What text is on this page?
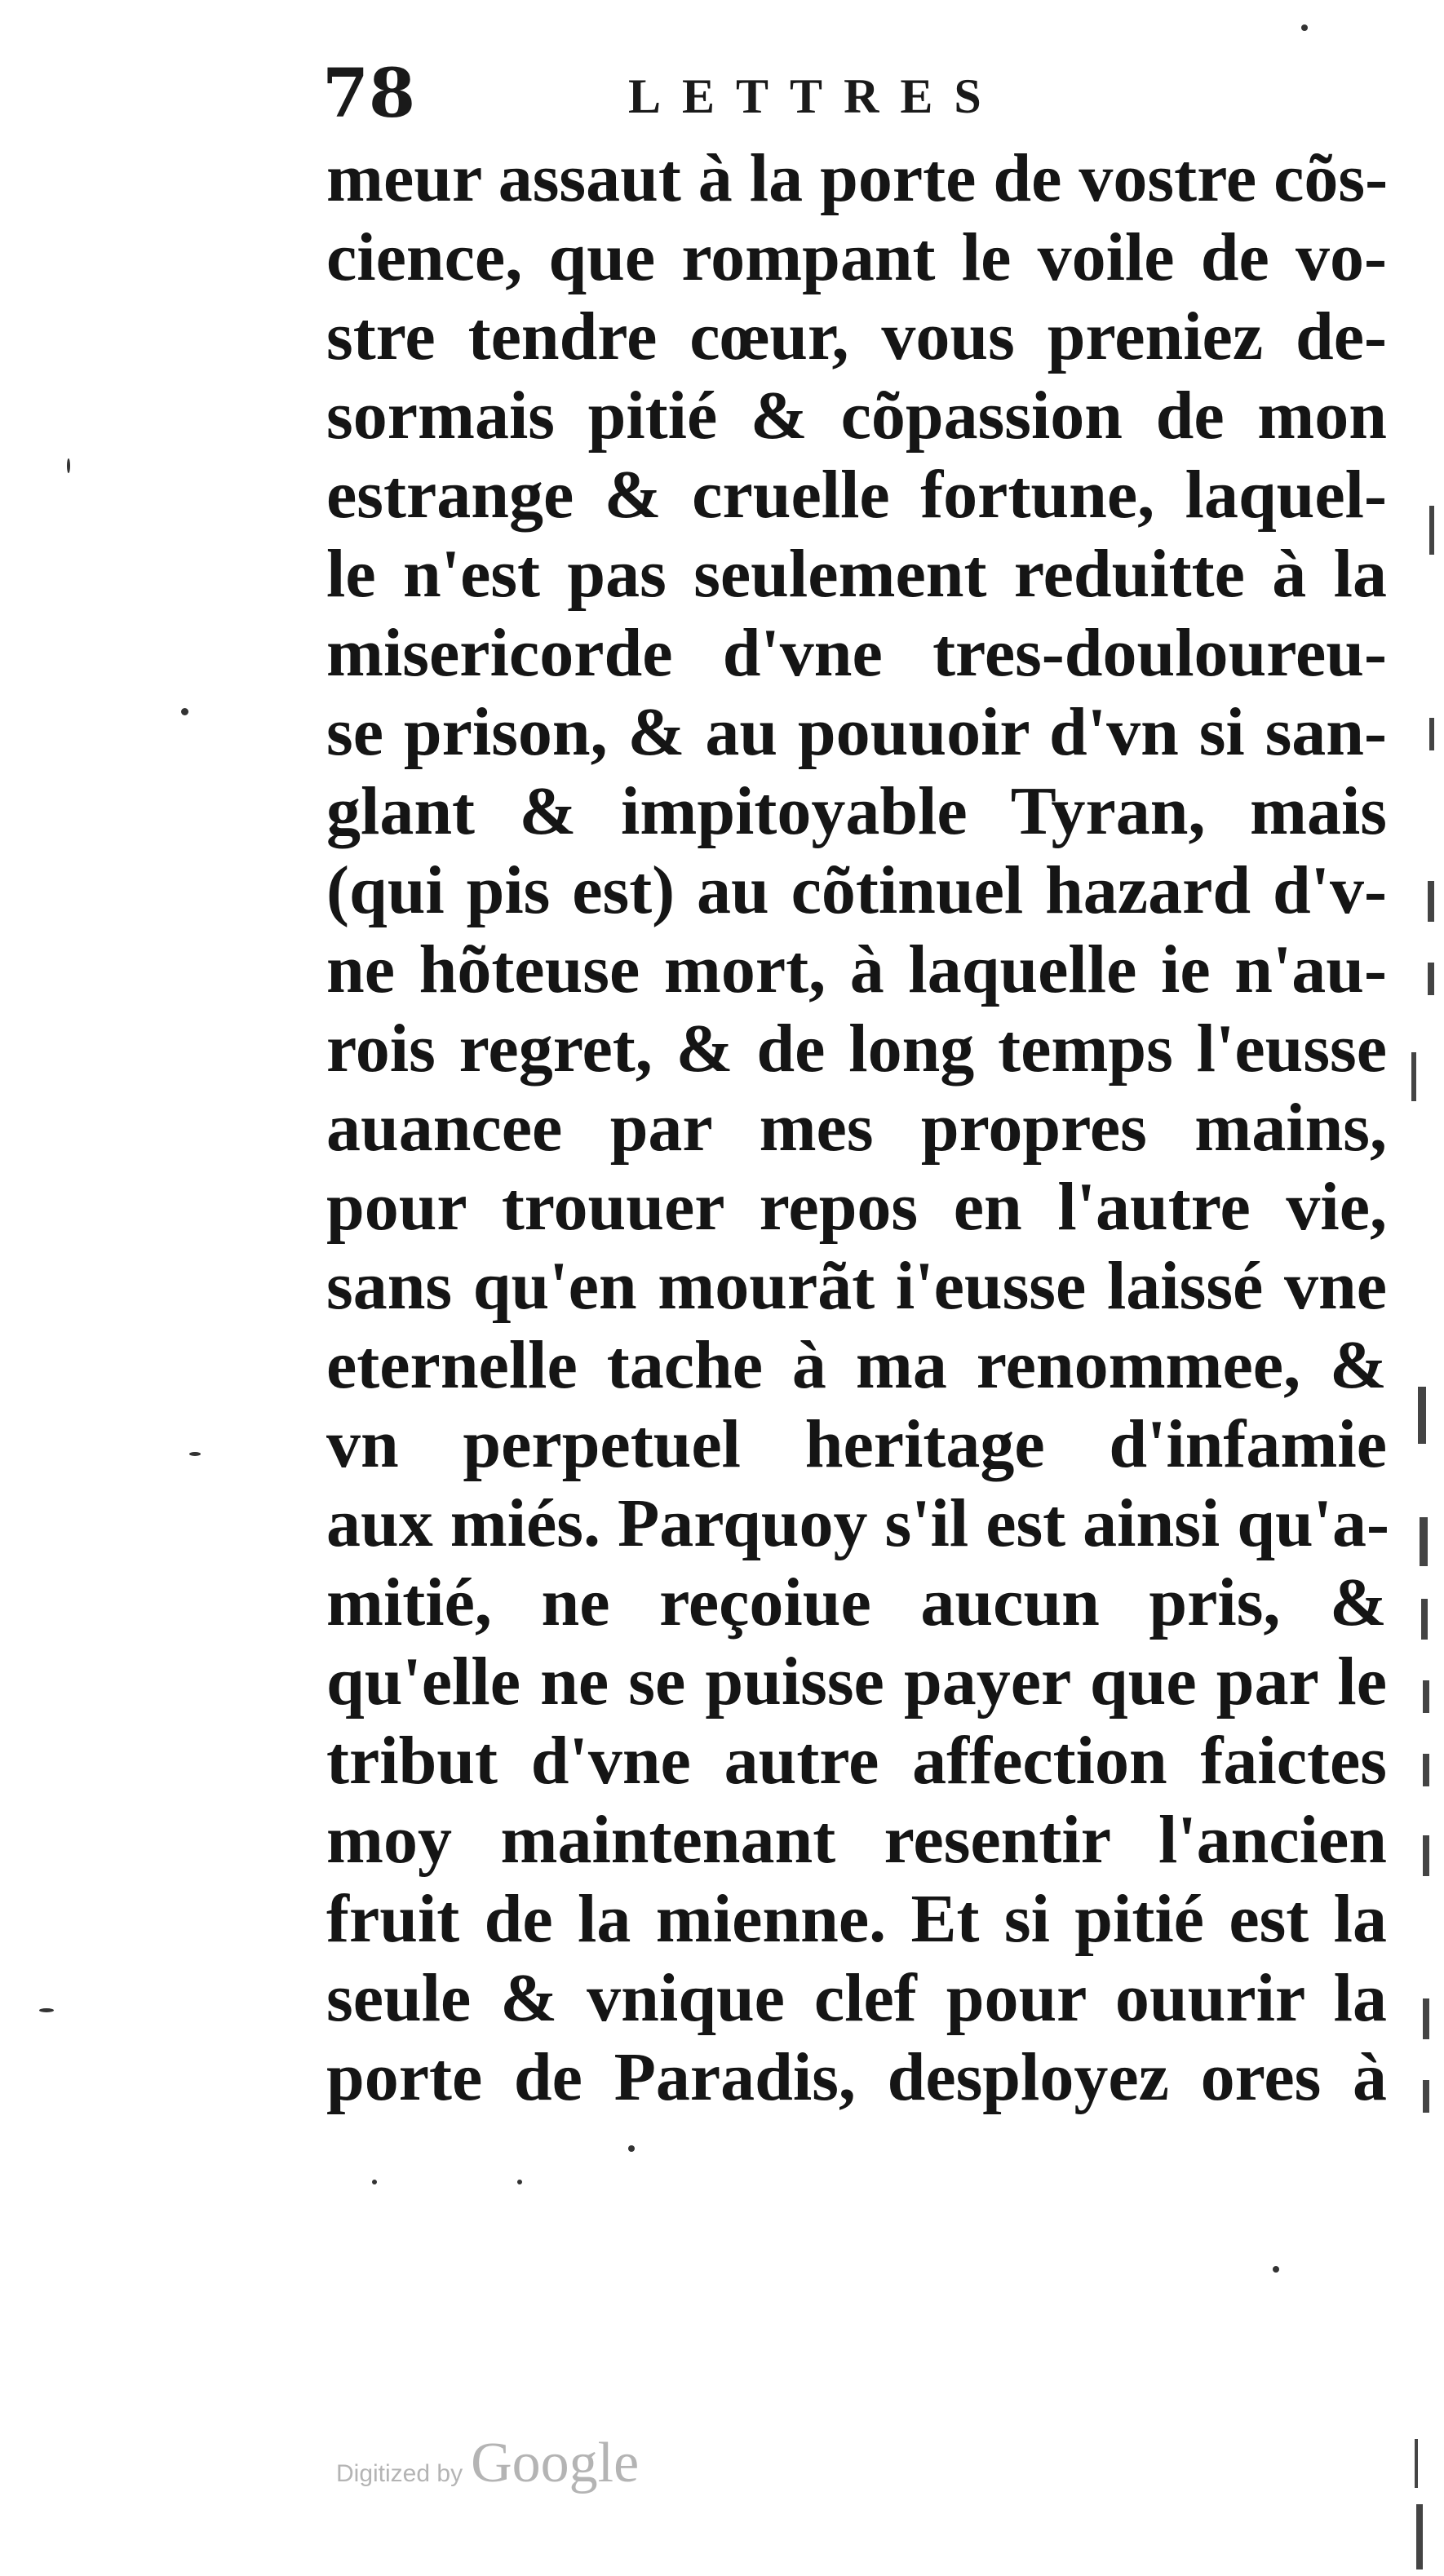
78	LETTRES
meur assaut à la porte de vostre cõs-
cience, que rompant le voile de vo-
stre tendre cœur, vous preniez de-
sormais pitié & cõpassion de mon
estrange & cruelle fortune, laquel-
le n'est pas seulement reduitte à la
misericorde d'vne tres-douloureu-
se prison, & au pouuoir d'vn si san-
glant & impitoyable Tyran, mais
(qui pis est) au cõtinuel hazard d'v-
ne hõteuse mort, à laquelle ie n'au-
rois regret, & de long temps l'eusse
auancee par mes propres mains,
pour trouuer repos en l'autre vie,
sans qu'en mourãt i'eusse laissé vne
eternelle tache à ma renommee, &
vn perpetuel heritage d'infamie
aux miés. Parquoy s'il est ainsi qu'a-
mitié, ne reçoiue aucun pris, &
qu'elle ne se puisse payer que par le
tribut d'vne autre affection faictes
moy maintenant resentir l'ancien
fruit de la mienne. Et si pitié est la
seule & vnique clef pour ouurir la
porte de Paradis, desployez ores à
Digitized by Google
